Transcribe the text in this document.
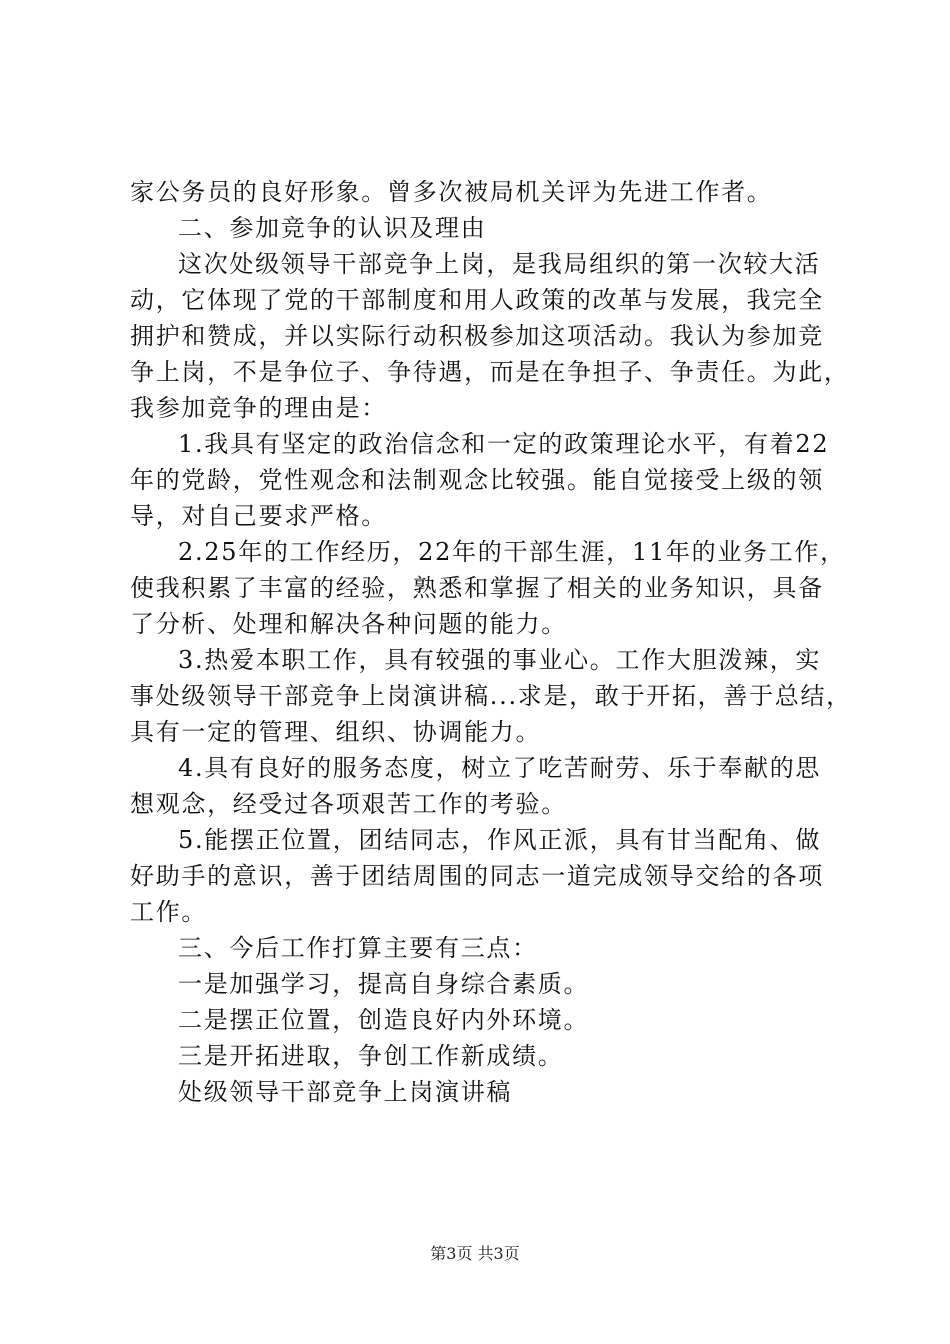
家公务员的良好形象。曾多次被局机关评为先进工作者。
二、参加竞争的认识及理由
这次处级领导干部竞争上岗，是我局组织的第一次较大活
动，它体现了党的干部制度和用人政策的改革与发展，我完全
拥护和赞成，并以实际行动积极参加这项活动。我认为参加竞
争上岗，不是争位子、争待遇，而是在争担子、争责任。为此，
我参加竞争的理由是：
1.我具有坚定的政治信念和一定的政策理论水平，有着22
年的党龄，党性观念和法制观念比较强。能自觉接受上级的领
导，对自己要求严格。
2.25年的工作经历，22年的干部生涯，11年的业务工作，
使我积累了丰富的经验，熟悉和掌握了相关的业务知识，具备
了分析、处理和解决各种问题的能力。
3.热爱本职工作，具有较强的事业心。工作大胆泼辣，实
事处级领导干部竞争上岗演讲稿...求是，敢于开拓，善于总结，
具有一定的管理、组织、协调能力。
4.具有良好的服务态度，树立了吃苦耐劳、乐于奉献的思
想观念，经受过各项艰苦工作的考验。
5.能摆正位置，团结同志，作风正派，具有甘当配角、做
好助手的意识，善于团结周围的同志一道完成领导交给的各项
工作。
三、今后工作打算主要有三点：
一是加强学习，提高自身综合素质。
二是摆正位置，创造良好内外环境。
三是开拓进取，争创工作新成绩。
处级领导干部竞争上岗演讲稿
第3页 共3页
